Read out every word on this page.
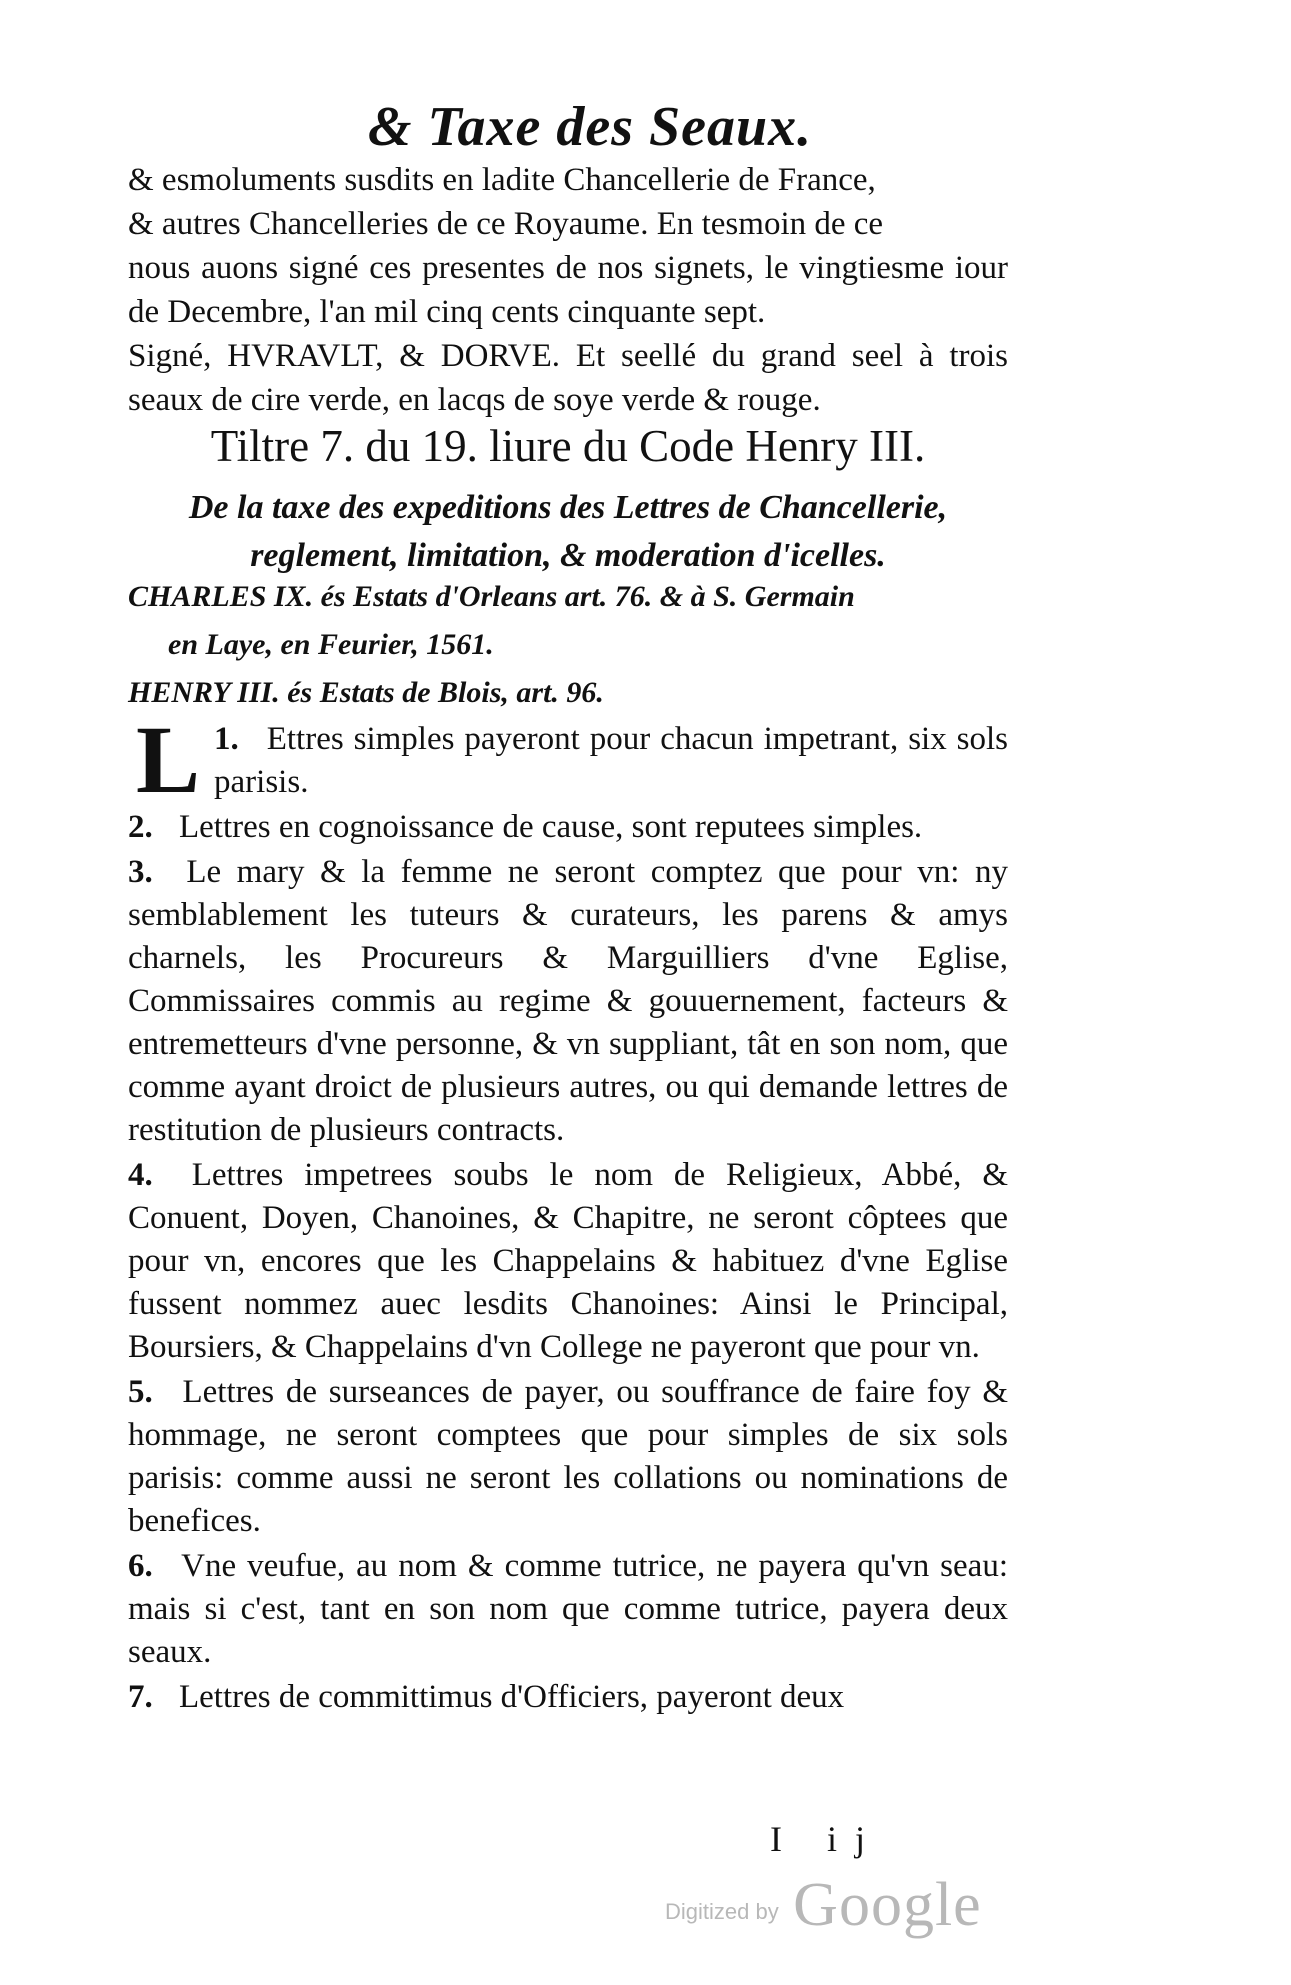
& Taxe des Seaux.

& esmoluments susdits en ladite Chancellerie de France,

& autres Chancelleries de ce Royaume. En tesmoin de ce

nous auons signé ces presentes de nos signets, le vingtiesme iour de Decembre, l'an mil cinq cents cinquante sept.

Signé, HVRAVLT, & DORVE. Et seellé du grand seel à trois seaux de cire verde, en lacqs de soye verde & rouge.

Tiltre 7. du 19. liure du Code Henry III.
De la taxe des expeditions des Lettres de Chancellerie,
reglement, limitation, & moderation d'icelles.
CHARLES IX. és Estats d'Orleans art. 76. & à S. Germain
en Laye, en Feurier, 1561.
HENRY III. és Estats de Blois, art. 96.
1.
L Ettres simples payeront pour chacun impetrant, six sols parisis.
2. Lettres en cognoissance de cause, sont reputees simples.
3. Le mary & la femme ne seront comptez que pour vn: ny semblablement les tuteurs & curateurs, les parens & amys charnels, les Procureurs & Marguilliers d'vne Eglise, Commissaires commis au regime & gouuernement, facteurs & entremetteurs d'vne personne, & vn suppliant, tât en son nom, que comme ayant droict de plusieurs autres, ou qui demande lettres de restitution de plusieurs contracts.
4. Lettres impetrees soubs le nom de Religieux, Abbé, & Conuent, Doyen, Chanoines, & Chapitre, ne seront côptees que pour vn, encores que les Chappelains & habituez d'vne Eglise fussent nommez auec lesdits Chanoines: Ainsi le Principal, Boursiers, & Chappelains d'vn College ne payeront que pour vn.
5. Lettres de surseances de payer, ou souffrance de faire foy & hommage, ne seront comptees que pour simples de six sols parisis: comme aussi ne seront les collations ou nominations de benefices.
6. Vne veufue, au nom & comme tutrice, ne payera qu'vn seau: mais si c'est, tant en son nom que comme tutrice, payera deux seaux.
7. Lettres de committimus d'Officiers, payeront deux
I ij
Digitized by Google
